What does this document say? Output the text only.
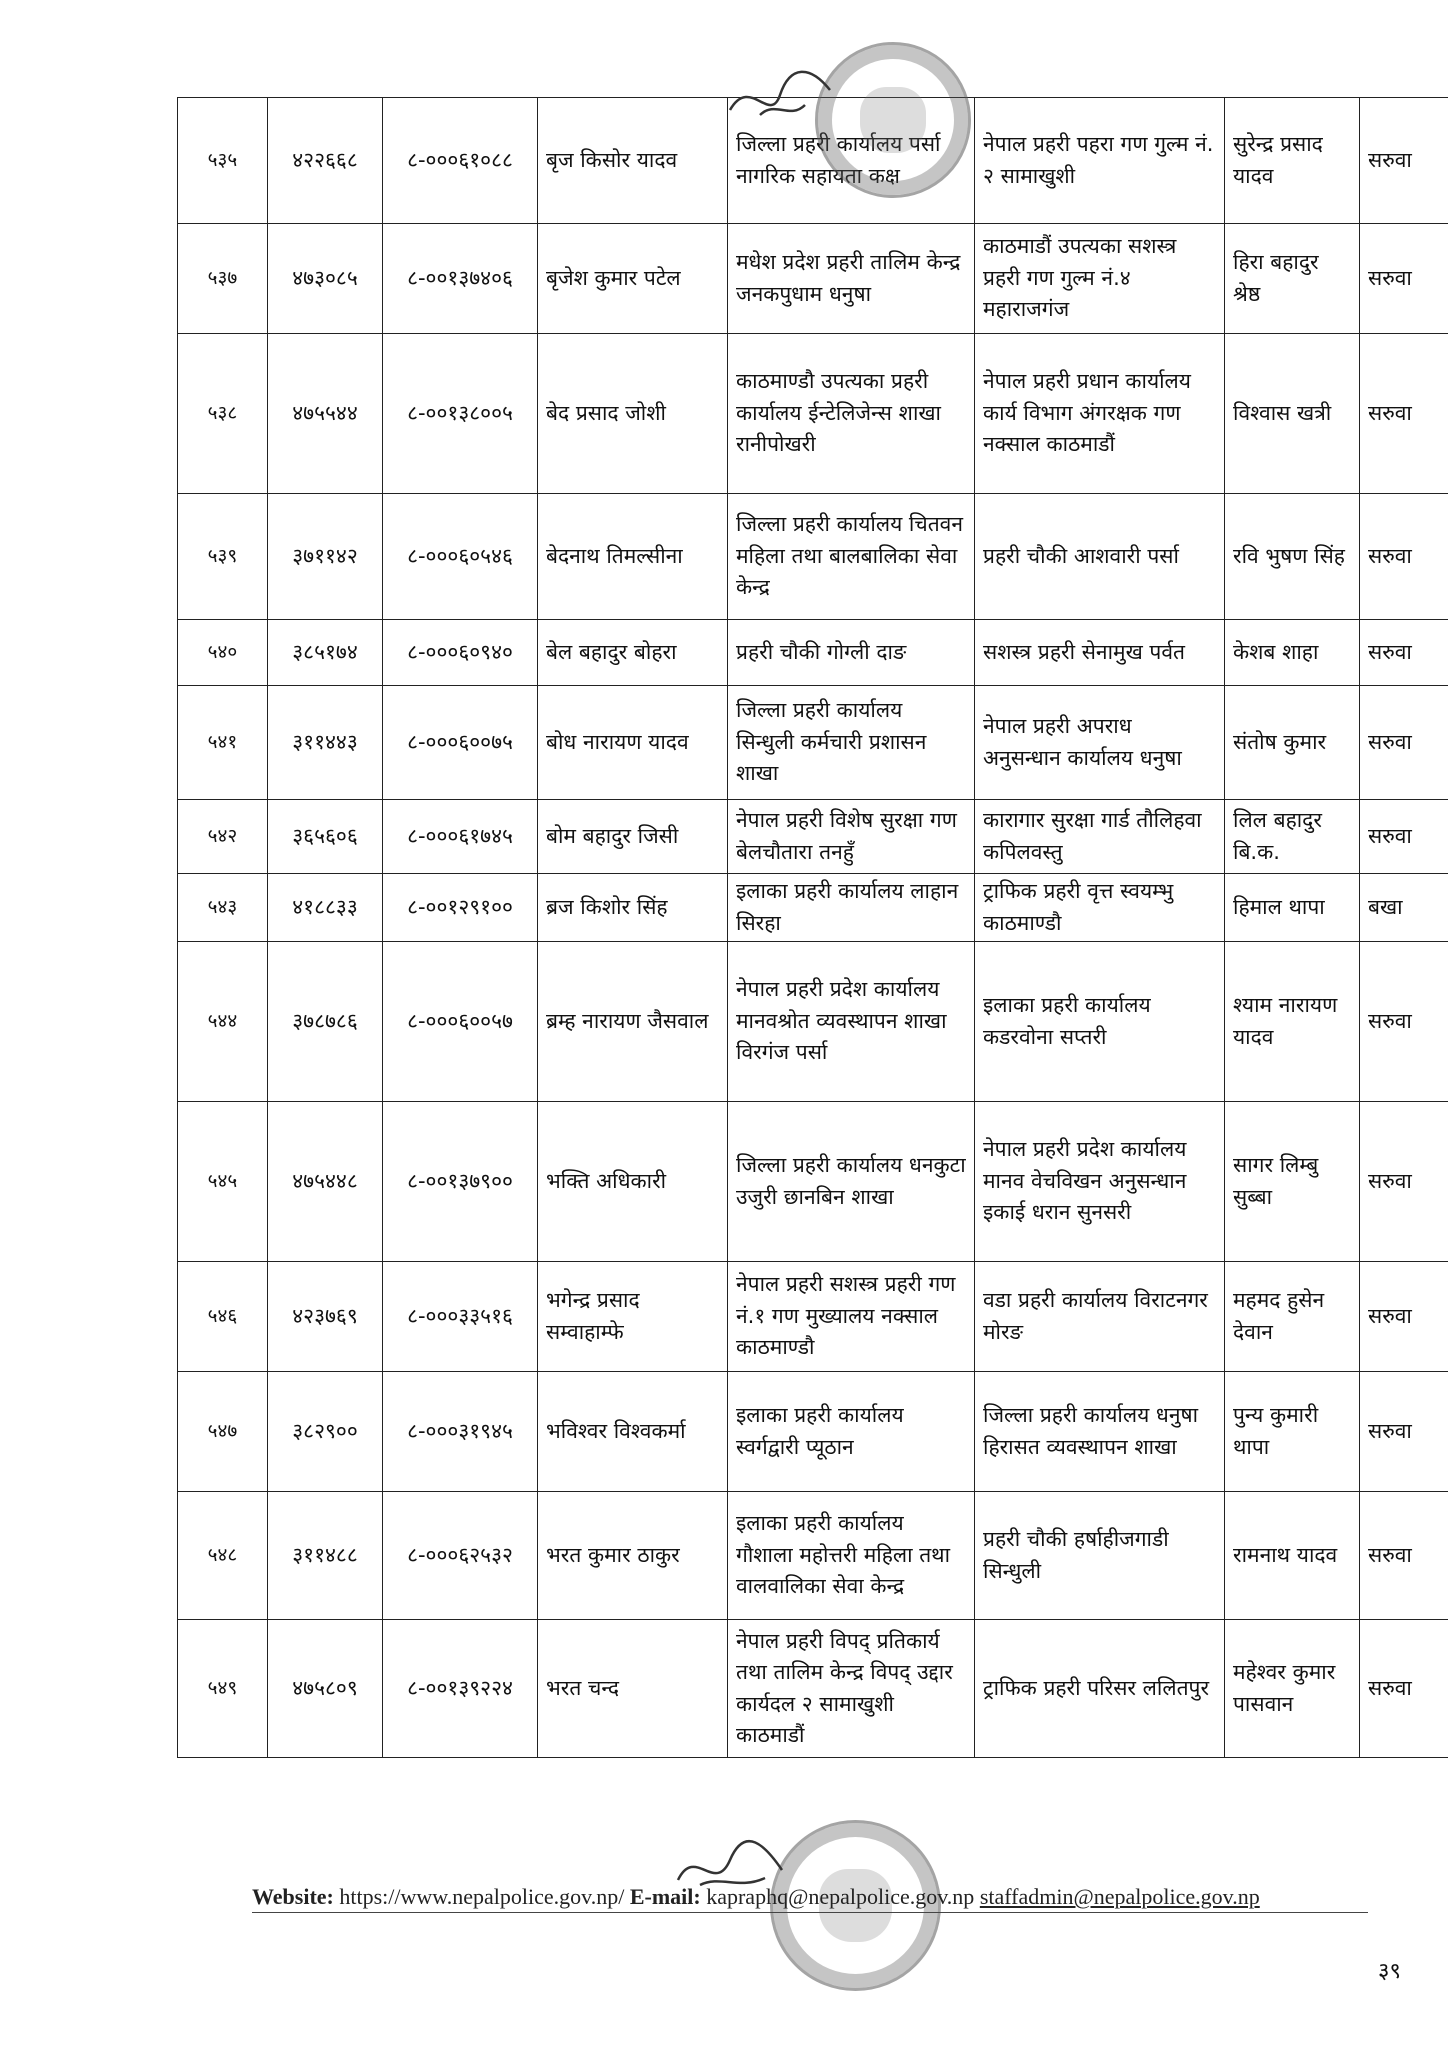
५३५	४२२६६८	८-०००६१०८८	बृज किसोर यादव	जिल्ला प्रहरी कार्यालय पर्सा नागरिक सहायता कक्ष	नेपाल प्रहरी पहरा गण गुल्म नं. २ सामाखुशी	सुरेन्द्र प्रसाद यादव	सरुवा
५३७	४७३०८५	८-००१३७४०६	बृजेश कुमार पटेल	मधेश प्रदेश प्रहरी तालिम केन्द्र जनकपुधाम धनुषा	काठमाडौं उपत्यका सशस्त्र प्रहरी गण गुल्म नं.४ महाराजगंज	हिरा बहादुर श्रेष्ठ	सरुवा
५३८	४७५५४४	८-००१३८००५	बेद प्रसाद जोशी	काठमाण्डौ उपत्यका प्रहरी कार्यालय ईन्टेलिजेन्स शाखा रानीपोखरी	नेपाल प्रहरी प्रधान कार्यालय कार्य विभाग अंगरक्षक गण नक्साल काठमाडौं	विश्वास खत्री	सरुवा
५३९	३७११४२	८-०००६०५४६	बेदनाथ तिमल्सीना	जिल्ला प्रहरी कार्यालय चितवन महिला तथा बालबालिका सेवा केन्द्र	प्रहरी चौकी आशवारी पर्सा	रवि भुषण सिंह	सरुवा
५४०	३८५१७४	८-०००६०९४०	बेल बहादुर बोहरा	प्रहरी चौकी गोग्ली दाङ	सशस्त्र प्रहरी सेनामुख पर्वत	केशब शाहा	सरुवा
५४१	३११४४३	८-०००६००७५	बोध नारायण यादव	जिल्ला प्रहरी कार्यालय सिन्धुली कर्मचारी प्रशासन शाखा	नेपाल प्रहरी अपराध अनुसन्धान कार्यालय धनुषा	संतोष कुमार	सरुवा
५४२	३६५६०६	८-०००६१७४५	बोम बहादुर जिसी	नेपाल प्रहरी विशेष सुरक्षा गण बेलचौतारा तनहुँ	कारागार सुरक्षा गार्ड तौलिहवा कपिलवस्तु	लिल बहादुर बि.क.	सरुवा
५४३	४१८८३३	८-००१२९१००	ब्रज किशोर सिंह	इलाका प्रहरी कार्यालय लाहान सिरहा	ट्राफिक प्रहरी वृत्त स्वयम्भु काठमाण्डौ	हिमाल थापा	बखा
५४४	३७८७८६	८-०००६००५७	ब्रम्ह नारायण जैसवाल	नेपाल प्रहरी प्रदेश कार्यालय मानवश्रोत व्यवस्थापन शाखा विरगंज पर्सा	इलाका प्रहरी कार्यालय कडरवोना सप्तरी	श्याम नारायण यादव	सरुवा
५४५	४७५४४८	८-००१३७९००	भक्ति अधिकारी	जिल्ला प्रहरी कार्यालय धनकुटा उजुरी छानबिन शाखा	नेपाल प्रहरी प्रदेश कार्यालय मानव वेचविखन अनुसन्धान इकाई धरान सुनसरी	सागर लिम्बु सुब्बा	सरुवा
५४६	४२३७६९	८-०००३३५१६	भगेन्द्र प्रसाद सम्वाहाम्फे	नेपाल प्रहरी सशस्त्र प्रहरी गण नं.१ गण मुख्यालय नक्साल काठमाण्डौ	वडा प्रहरी कार्यालय विराटनगर मोरङ	महमद हुसेन देवान	सरुवा
५४७	३८२९००	८-०००३१९४५	भविश्वर विश्वकर्मा	इलाका प्रहरी कार्यालय स्वर्गद्वारी प्यूठान	जिल्ला प्रहरी कार्यालय धनुषा हिरासत व्यवस्थापन शाखा	पुन्य कुमारी थापा	सरुवा
५४८	३११४८८	८-०००६२५३२	भरत कुमार ठाकुर	इलाका प्रहरी कार्यालय गौशाला महोत्तरी महिला तथा वालवालिका सेवा केन्द्र	प्रहरी चौकी हर्षाहीजगाडी सिन्धुली	रामनाथ यादव	सरुवा
५४९	४७५८०९	८-००१३९२२४	भरत चन्द	नेपाल प्रहरी विपद् प्रतिकार्य तथा तालिम केन्द्र विपद् उद्दार कार्यदल २ सामाखुशी काठमाडौं	ट्राफिक प्रहरी परिसर ललितपुर	महेश्वर कुमार पासवान	सरुवा
Website: https://www.nepalpolice.gov.np/ E-mail: kapraphq@nepalpolice.gov.np staffadmin@nepalpolice.gov.np
३९
